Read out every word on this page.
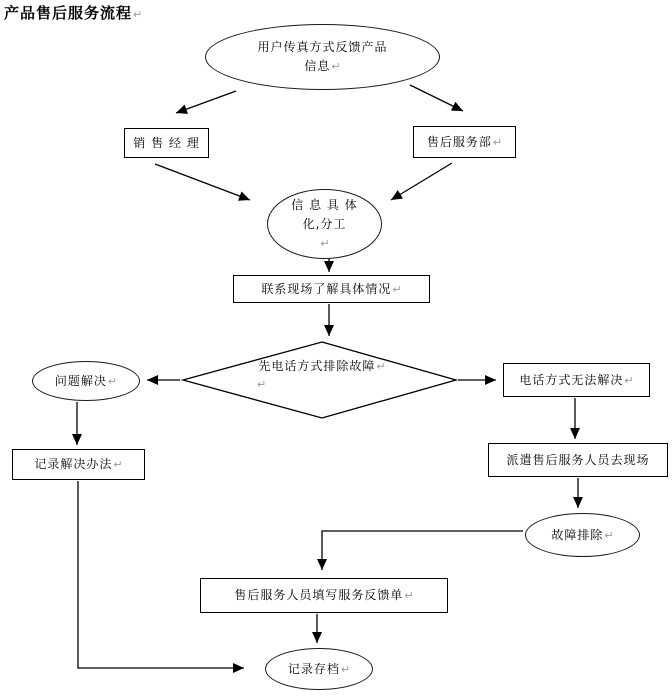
产品售后服务流程↵
用户传真方式反馈产品信息↵
销 售 经 理	售后服务部 ↵
信 息 具 体
化,分工
↵
联系现场了解具体情况 ↵
先电话方式排除故障↵
↵
问题解决 ↵	电话方式无法解决 ↵
记录解决办法 ↵	派遣售后服务人员去现场
故障排除 ↵
售后服务人员填写服务反馈单 ↵
记录存档 ↵
